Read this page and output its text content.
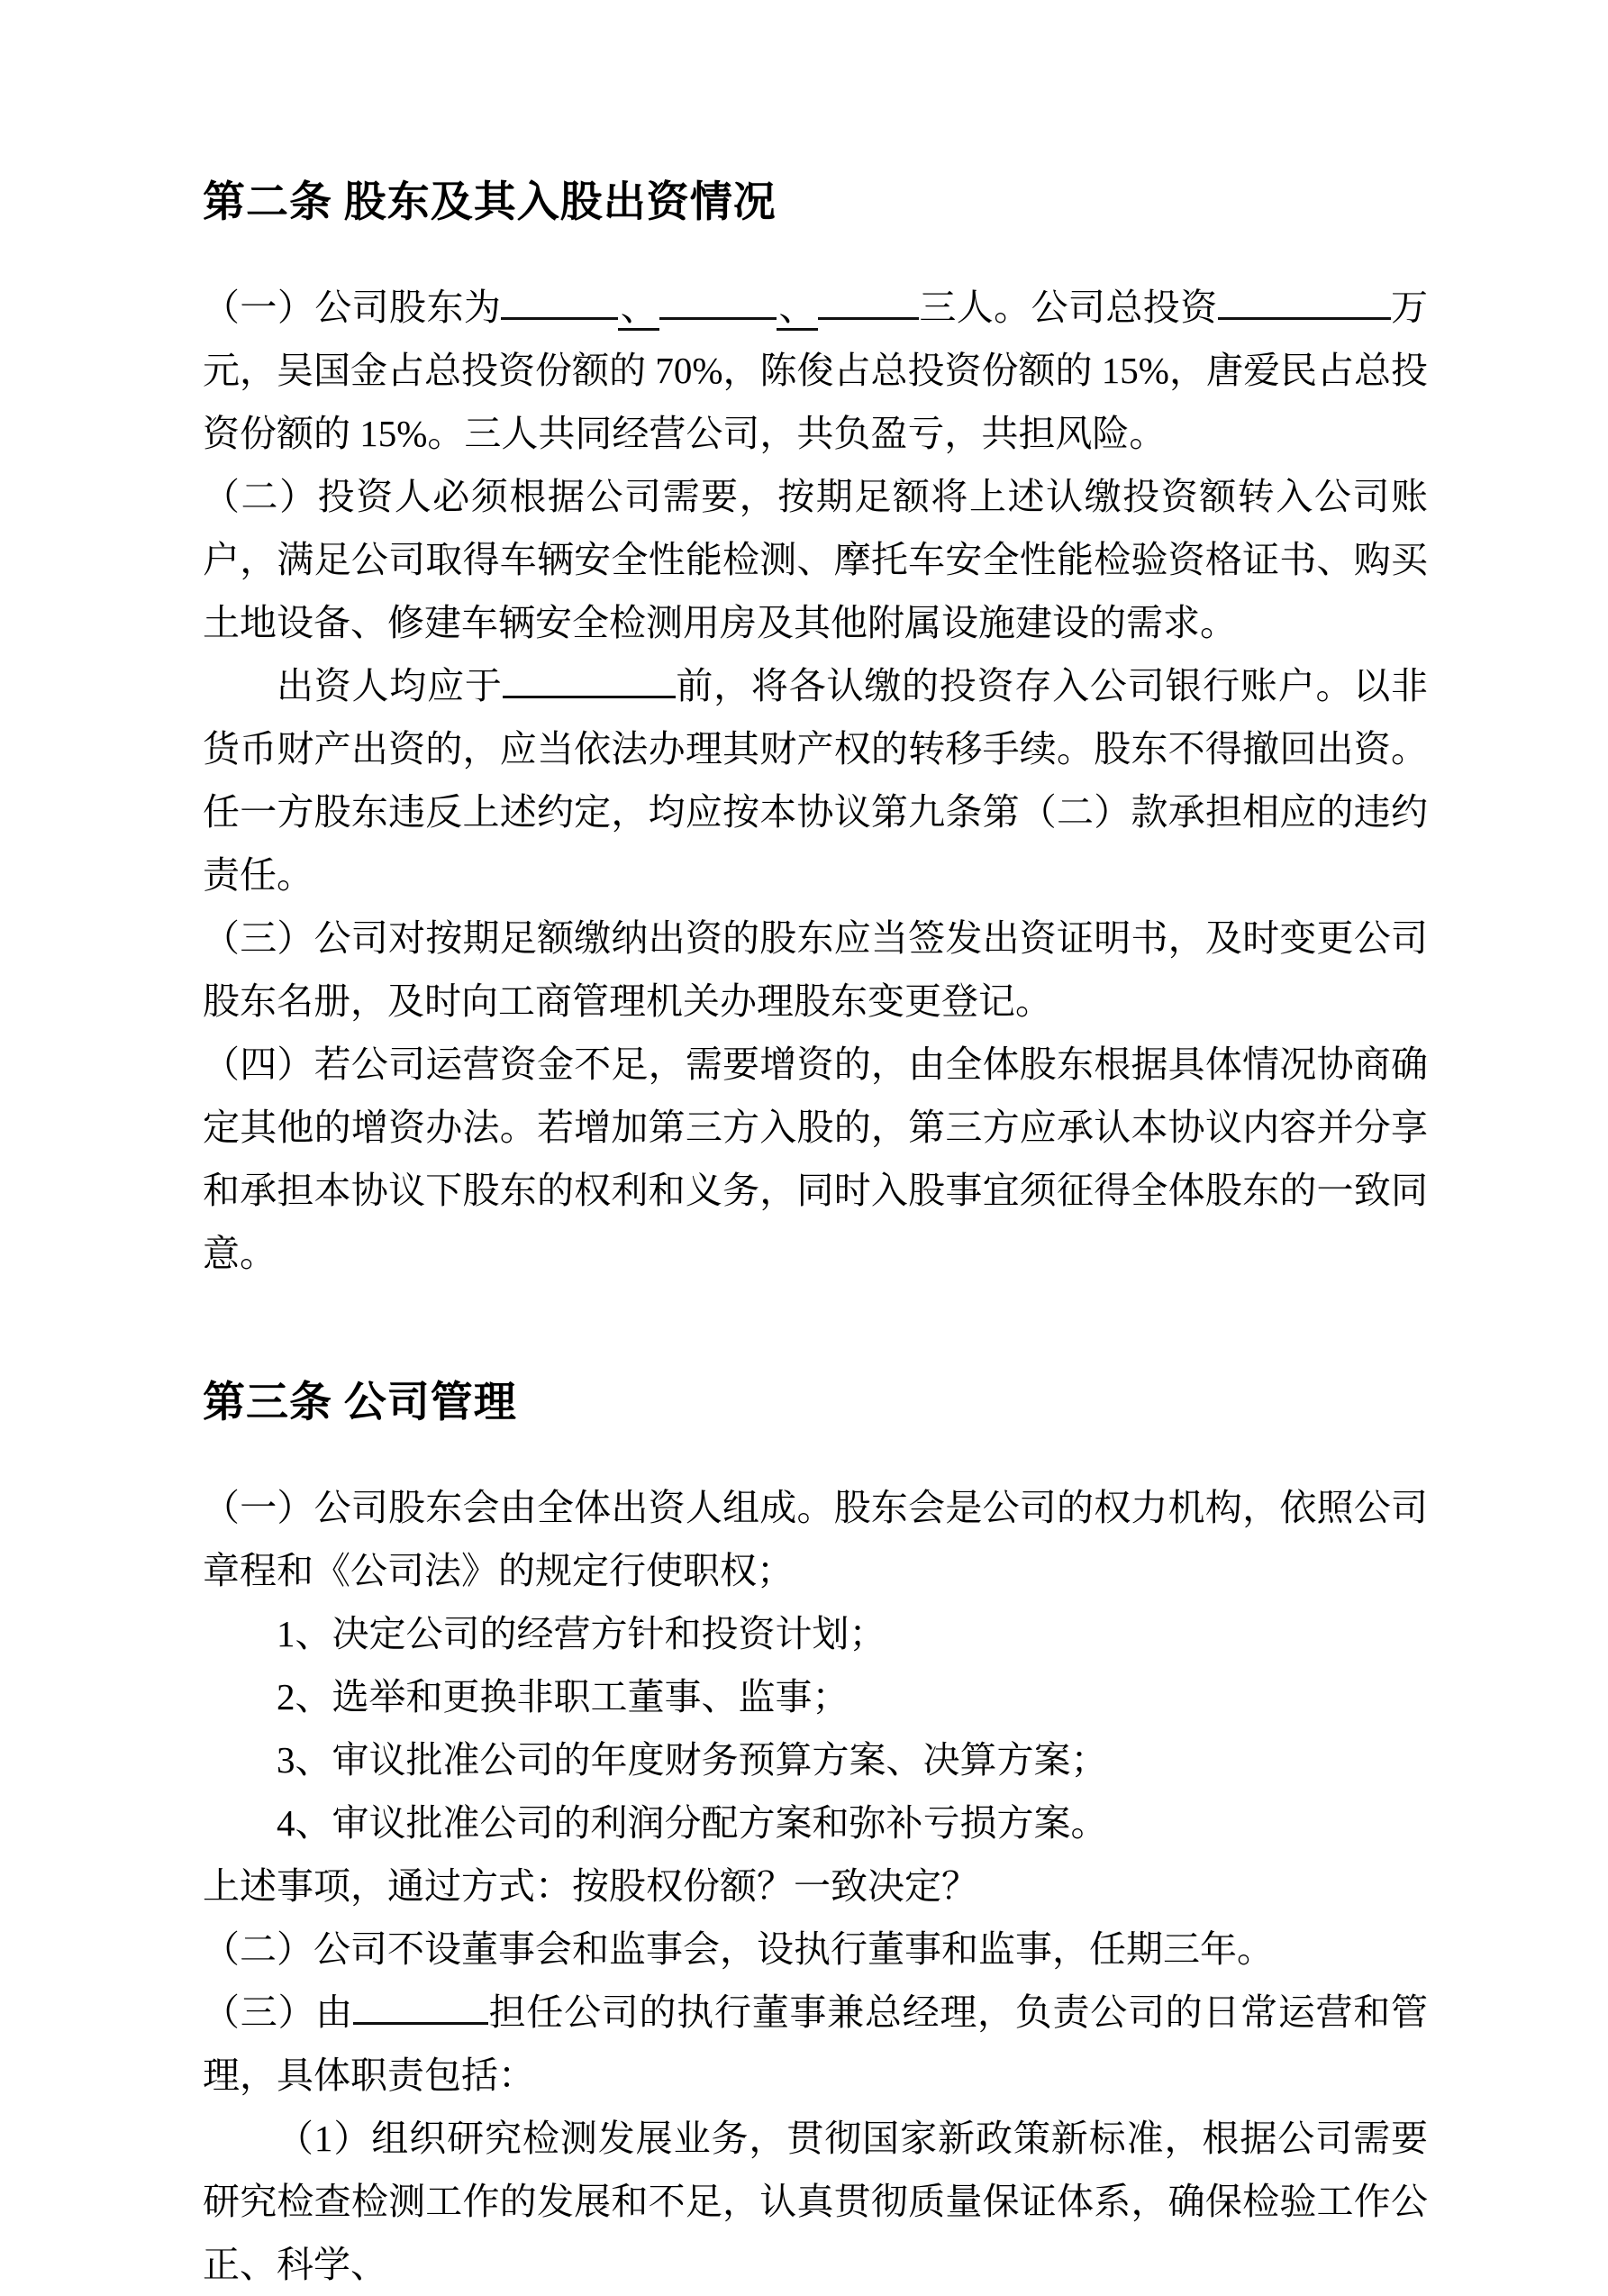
第二条 股东及其入股出资情况

（一）公司股东为	、	、	三人。公司总投资	万元，吴国金占总投资份额的 70%，陈俊占总投资份额的 15%，唐爱民占总投资份额的 15%。三人共同经营公司，共负盈亏，共担风险。

（二）投资人必须根据公司需要，按期足额将上述认缴投资额转入公司账户，满足公司取得车辆安全性能检测、摩托车安全性能检验资格证书、购买土地设备、修建车辆安全检测用房及其他附属设施建设的需求。

出资人均应于	前，将各认缴的投资存入公司银行账户。以非货币财产出资的，应当依法办理其财产权的转移手续。股东不得撤回出资。任一方股东违反上述约定，均应按本协议第九条第（二）款承担相应的违约责任。

（三）公司对按期足额缴纳出资的股东应当签发出资证明书，及时变更公司股东名册，及时向工商管理机关办理股东变更登记。

（四）若公司运营资金不足，需要增资的，由全体股东根据具体情况协商确定其他的增资办法。若增加第三方入股的，第三方应承认本协议内容并分享和承担本协议下股东的权利和义务，同时入股事宜须征得全体股东的一致同意。

第三条 公司管理

（一）公司股东会由全体出资人组成。股东会是公司的权力机构，依照公司章程和《公司法》的规定行使职权；

1、决定公司的经营方针和投资计划；

2、选举和更换非职工董事、监事；

3、审议批准公司的年度财务预算方案、决算方案；

4、审议批准公司的利润分配方案和弥补亏损方案。

上述事项，通过方式：按股权份额？一致决定？

（二）公司不设董事会和监事会，设执行董事和监事，任期三年。

（三）由	担任公司的执行董事兼总经理，负责公司的日常运营和管理，具体职责包括：

（1）组织研究检测发展业务，贯彻国家新政策新标准，根据公司需要研究检查检测工作的发展和不足，认真贯彻质量保证体系，确保检验工作公正、科学、
